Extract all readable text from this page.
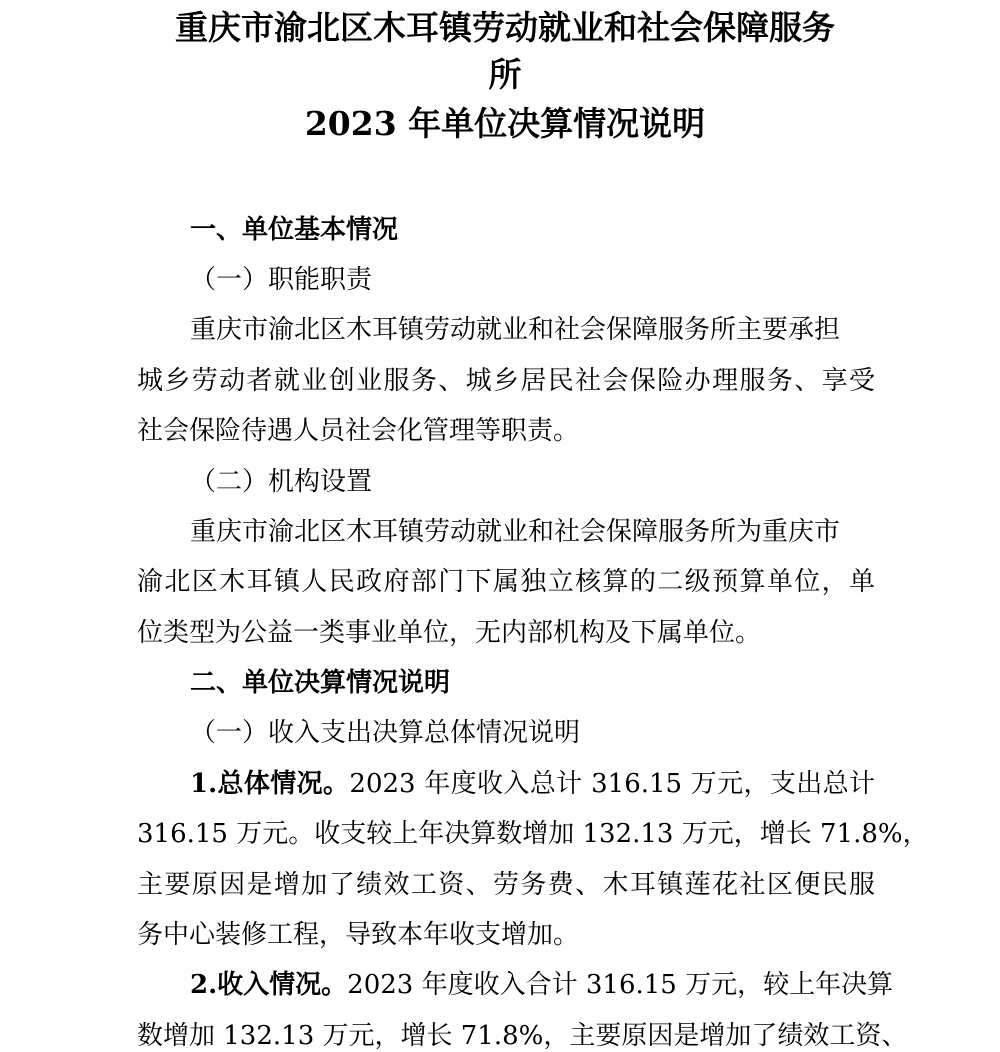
重庆市渝北区木耳镇劳动就业和社会保障服务
所
2023 年单位决算情况说明
一、单位基本情况
（一）职能职责
重庆市渝北区木耳镇劳动就业和社会保障服务所主要承担
城乡劳动者就业创业服务、城乡居民社会保险办理服务、享受
社会保险待遇人员社会化管理等职责。
（二）机构设置
重庆市渝北区木耳镇劳动就业和社会保障服务所为重庆市
渝北区木耳镇人民政府部门下属独立核算的二级预算单位，单
位类型为公益一类事业单位，无内部机构及下属单位。
二、单位决算情况说明
（一）收入支出决算总体情况说明
1.总体情况。2023 年度收入总计 316.15 万元，支出总计
316.15 万元。收支较上年决算数增加 132.13 万元，增长 71.8%，
主要原因是增加了绩效工资、劳务费、木耳镇莲花社区便民服
务中心装修工程，导致本年收支增加。
2.收入情况。2023 年度收入合计 316.15 万元，较上年决算
数增加 132.13 万元，增长 71.8%，主要原因是增加了绩效工资、
